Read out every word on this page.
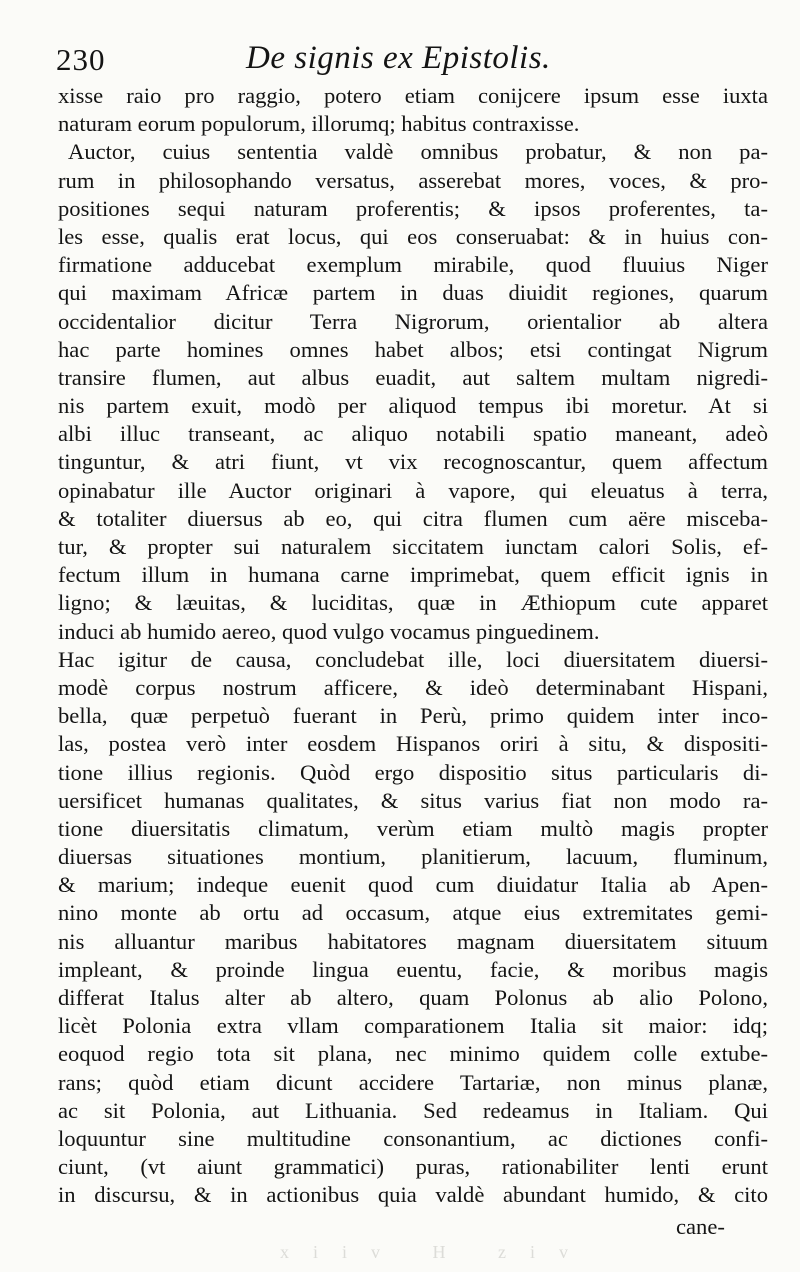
230	De signis ex Epistolis.
xisse raio pro raggio, potero etiam conijcere ipsum esse iuxta
naturam eorum populorum, illorumq; habitus contraxisse.
Auctor, cuius sententia valdè omnibus probatur, & non pa-
rum in philosophando versatus, asserebat mores, voces, & pro-
positiones sequi naturam proferentis; & ipsos proferentes, ta-
les esse, qualis erat locus, qui eos conseruabat: & in huius con-
firmatione adducebat exemplum mirabile, quod fluuius Niger
qui maximam Africæ partem in duas diuidit regiones, quarum
occidentalior dicitur Terra Nigrorum, orientalior ab altera
hac parte homines omnes habet albos; etsi contingat Nigrum
transire flumen, aut albus euadit, aut saltem multam nigredi-
nis partem exuit, modò per aliquod tempus ibi moretur. At si
albi illuc transeant, ac aliquo notabili spatio maneant, adeò
tinguntur, & atri fiunt, vt vix recognoscantur, quem affectum
opinabatur ille Auctor originari à vapore, qui eleuatus à terra,
& totaliter diuersus ab eo, qui citra flumen cum aëre misceba-
tur, & propter sui naturalem siccitatem iunctam calori Solis, ef-
fectum illum in humana carne imprimebat, quem efficit ignis in
ligno; & læuitas, & luciditas, quæ in Æthiopum cute apparet
induci ab humido aereo, quod vulgo vocamus pinguedinem.
Hac igitur de causa, concludebat ille, loci diuersitatem diuersi-
modè corpus nostrum afficere, & ideò determinabant Hispani,
bella, quæ perpetuò fuerant in Perù, primo quidem inter inco-
las, postea verò inter eosdem Hispanos oriri à situ, & dispositi-
tione illius regionis. Quòd ergo dispositio situs particularis di-
uersificet humanas qualitates, & situs varius fiat non modo ra-
tione diuersitatis climatum, verùm etiam multò magis propter
diuersas situationes montium, planitierum, lacuum, fluminum,
& marium; indeque euenit quod cum diuidatur Italia ab Apen-
nino monte ab ortu ad occasum, atque eius extremitates gemi-
nis alluantur maribus habitatores magnam diuersitatem situum
impleant, & proinde lingua euentu, facie, & moribus magis
differat Italus alter ab altero, quam Polonus ab alio Polono,
licèt Polonia extra vllam comparationem Italia sit maior: idq;
eoquod regio tota sit plana, nec minimo quidem colle extube-
rans; quòd etiam dicunt accidere Tartariæ, non minus planæ,
ac sit Polonia, aut Lithuania. Sed redeamus in Italiam. Qui
loquuntur sine multitudine consonantium, ac dictiones confi-
ciunt, (vt aiunt grammatici) puras, rationabiliter lenti erunt
in discursu, & in actionibus quia valdè abundant humido, & cito
cane-
xiiv H ziv
